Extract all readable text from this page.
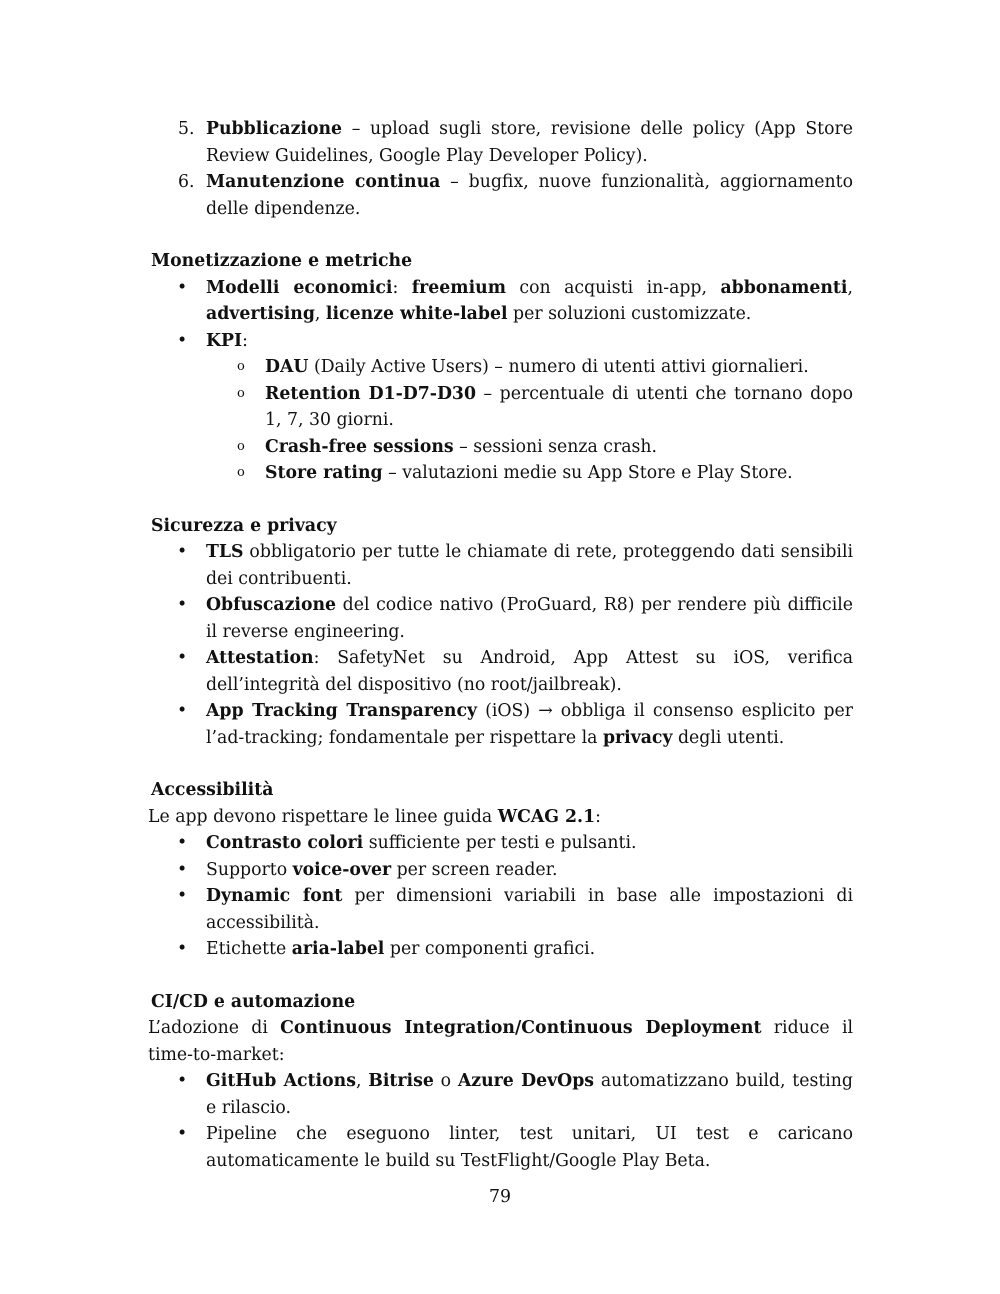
5. Pubblicazione – upload sugli store, revisione delle policy (App Store Review Guidelines, Google Play Developer Policy).
6. Manutenzione continua – bugfix, nuove funzionalità, aggiornamento delle dipendenze.

Monetizzazione e metriche

• Modelli economici: freemium con acquisti in-app, abbonamenti, advertising, licenze white-label per soluzioni customizzate.
• KPI:
o DAU (Daily Active Users) – numero di utenti attivi giornalieri.
o Retention D1-D7-D30 – percentuale di utenti che tornano dopo 1, 7, 30 giorni.
o Crash-free sessions – sessioni senza crash.
o Store rating – valutazioni medie su App Store e Play Store.

Sicurezza e privacy

• TLS obbligatorio per tutte le chiamate di rete, proteggendo dati sensibili dei contribuenti.
• Obfuscazione del codice nativo (ProGuard, R8) per rendere più difficile il reverse engineering.
• Attestation: SafetyNet su Android, App Attest su iOS, verifica dell’integrità del dispositivo (no root/jailbreak).
• App Tracking Transparency (iOS) → obbliga il consenso esplicito per l’ad-tracking; fondamentale per rispettare la privacy degli utenti.

Accessibilità

Le app devono rispettare le linee guida WCAG 2.1:

• Contrasto colori sufficiente per testi e pulsanti.
• Supporto voice-over per screen reader.
• Dynamic font per dimensioni variabili in base alle impostazioni di accessibilità.
• Etichette aria-label per componenti grafici.

CI/CD e automazione

L’adozione di Continuous Integration/Continuous Deployment riduce il time-to-market:

• GitHub Actions, Bitrise o Azure DevOps automatizzano build, testing e rilascio.
• Pipeline che eseguono linter, test unitari, UI test e caricano automaticamente le build su TestFlight/Google Play Beta.
79
